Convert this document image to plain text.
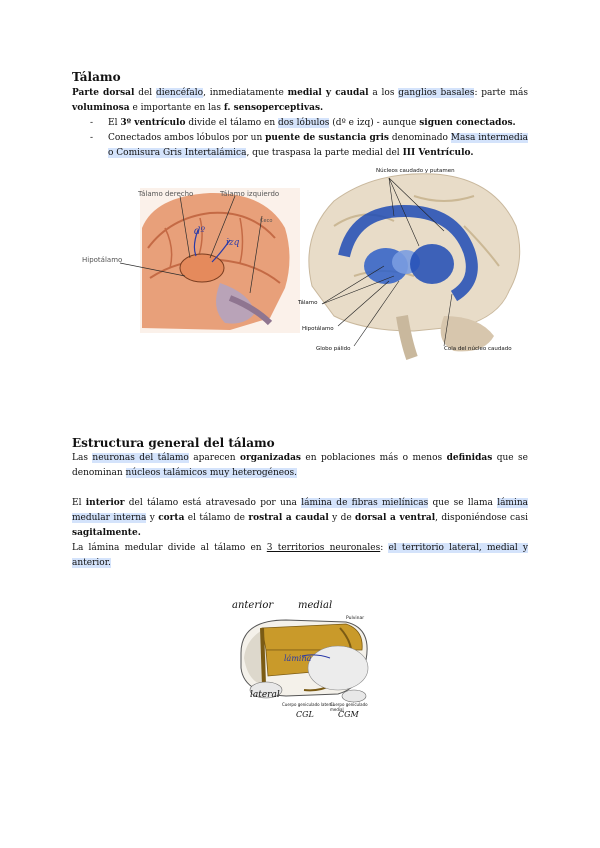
Tálamo
Parte dorsal del diencéfalo, inmediatamente medial y caudal a los ganglios basales: parte más voluminosa e importante en las f. sensoperceptivas.
- El 3º ventrículo divide el tálamo en dos lóbulos (dº e izq) - aunque siguen conectados.
- Conectados ambos lóbulos por un puente de sustancia gris denominado Masa intermedia o Comisura Gris Intertalámica, que traspasa la parte medial del III Ventrículo.
Tálamo derecho	Tálamo izquierdo
Hipotálamo
Ceco
dº
izq
Núcleos caudado y putamen
Tálamo
Hipotálamo
Globo pálido	Cola del núcleo caudado
Estructura general del tálamo
Las neuronas del tálamo aparecen organizadas en poblaciones más o menos definidas que se denominan núcleos talámicos muy heterogéneos.
El interior del tálamo está atravesado por una lámina de fibras mielínicas que se llama lámina medular interna y corta el tálamo de rostral a caudal y de dorsal a ventral, disponiéndose casi sagitalmente.
La lámina medular divide al tálamo en 3 territorios neuronales: el territorio lateral, medial y anterior.
anterior medial
lámina
lateral
CGL	CGM
Pulvinar
Cuerpo geniculado lateral
Cuerpo geniculado medial
